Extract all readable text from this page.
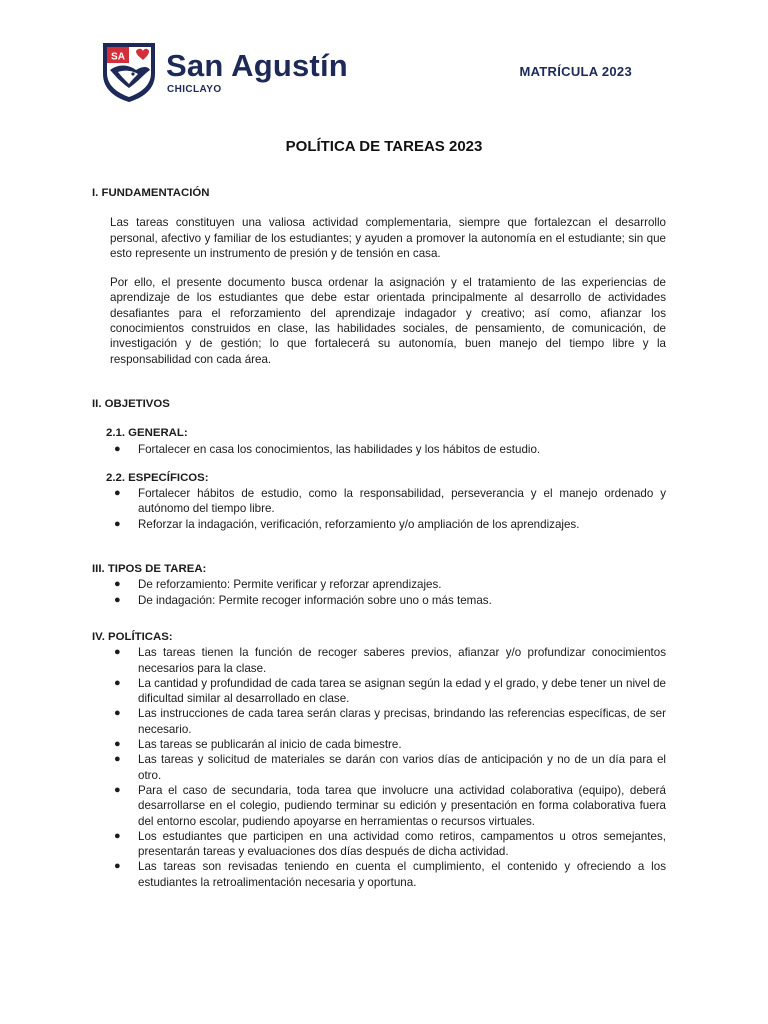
SA San Agustín
CHICLAYO
MATRÍCULA 2023
POLÍTICA DE TAREAS 2023

I. FUNDAMENTACIÓN

Las tareas constituyen una valiosa actividad complementaria, siempre que fortalezcan el desarrollo personal, afectivo y familiar de los estudiantes; y ayuden a promover la autonomía en el estudiante; sin que esto represente un instrumento de presión y de tensión en casa.

Por ello, el presente documento busca ordenar la asignación y el tratamiento de las experiencias de aprendizaje de los estudiantes que debe estar orientada principalmente al desarrollo de actividades desafiantes para el reforzamiento del aprendizaje indagador y creativo; así como, afianzar los conocimientos construidos en clase, las habilidades sociales, de pensamiento, de comunicación, de investigación y de gestión; lo que fortalecerá su autonomía, buen manejo del tiempo libre y la responsabilidad con cada área.

II. OBJETIVOS

2.1. GENERAL:

● Fortalecer en casa los conocimientos, las habilidades y los hábitos de estudio.

2.2. ESPECÍFICOS:

● Fortalecer hábitos de estudio, como la responsabilidad, perseverancia y el manejo ordenado y autónomo del tiempo libre.
● Reforzar la indagación, verificación, reforzamiento y/o ampliación de los aprendizajes.

III. TIPOS DE TAREA:

● De reforzamiento: Permite verificar y reforzar aprendizajes.
● De indagación: Permite recoger información sobre uno o más temas.

IV. POLÍTICAS:

● Las tareas tienen la función de recoger saberes previos, afianzar y/o profundizar conocimientos necesarios para la clase.
● La cantidad y profundidad de cada tarea se asignan según la edad y el grado, y debe tener un nivel de dificultad similar al desarrollado en clase.
● Las instrucciones de cada tarea serán claras y precisas, brindando las referencias específicas, de ser necesario.
● Las tareas se publicarán al inicio de cada bimestre.
● Las tareas y solicitud de materiales se darán con varios días de anticipación y no de un día para el otro.
● Para el caso de secundaria, toda tarea que involucre una actividad colaborativa (equipo), deberá desarrollarse en el colegio, pudiendo terminar su edición y presentación en forma colaborativa fuera del entorno escolar, pudiendo apoyarse en herramientas o recursos virtuales.
● Los estudiantes que participen en una actividad como retiros, campamentos u otros semejantes, presentarán tareas y evaluaciones dos días después de dicha actividad.
● Las tareas son revisadas teniendo en cuenta el cumplimiento, el contenido y ofreciendo a los estudiantes la retroalimentación necesaria y oportuna.
